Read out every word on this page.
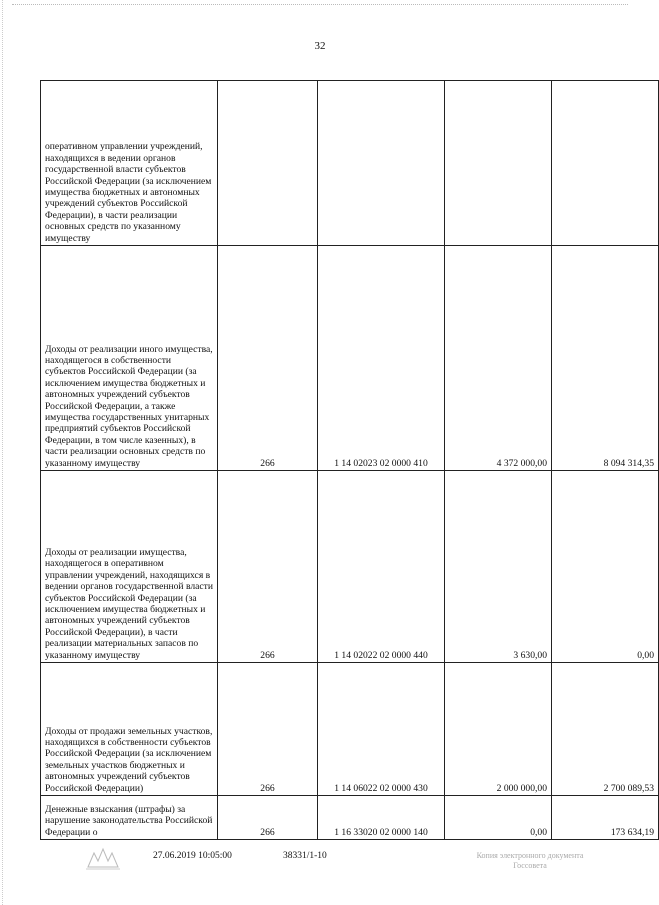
32
оперативном управлении учреждений, находящихся в ведении органов государственной власти субъектов Российской Федерации (за исключением имущества бюджетных и автономных учреждений субъектов Российской Федерации), в части реализации основных средств по указанному имуществу				
Доходы от реализации иного имущества, находящегося в собственности субъектов Российской Федерации (за исключением имущества бюджетных и автономных учреждений субъектов Российской Федерации, а также имущества государственных унитарных предприятий субъектов Российской Федерации, в том числе казенных), в части реализации основных средств по указанному имуществу	266	1 14 02023 02 0000 410	4 372 000,00	8 094 314,35
Доходы от реализации имущества, находящегося в оперативном управлении учреждений, находящихся в ведении органов государственной власти субъектов Российской Федерации (за исключением имущества бюджетных и автономных учреждений субъектов Российской Федерации), в части реализации материальных запасов по указанному имуществу	266	1 14 02022 02 0000 440	3 630,00	0,00
Доходы от продажи земельных участков, находящихся в собственности субъектов Российской Федерации (за исключением земельных участков бюджетных и автономных учреждений субъектов Российской Федерации)	266	1 14 06022 02 0000 430	2 000 000,00	2 700 089,53
Денежные взыскания (штрафы) за нарушение законодательства Российской Федерации о	266	1 16 33020 02 0000 140	0,00	173 634,19
27.06.2019 10:05:00	38331/1-10	Копия электронного документа
Госсовета
